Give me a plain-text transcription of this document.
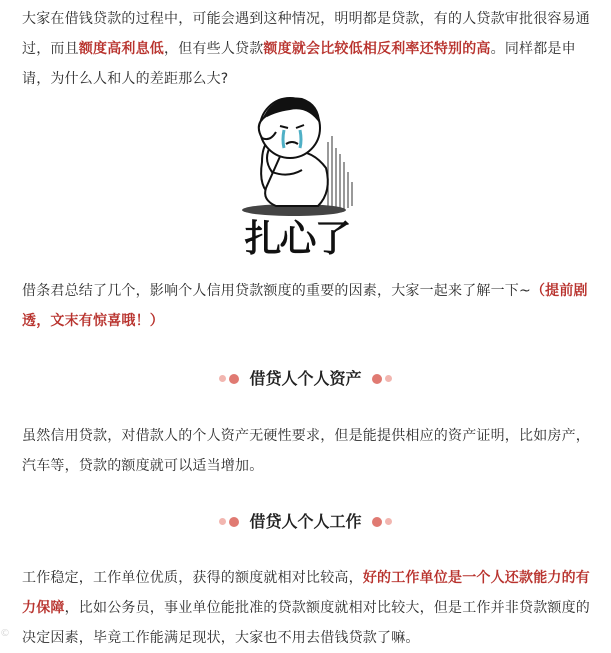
大家在借钱贷款的过程中，可能会遇到这种情况，明明都是贷款，有的人贷款审批很容易通过，而且额度高利息低，但有些人贷款额度就会比较低相反利率还特别的高。同样都是申请，为什么人和人的差距那么大?

扎心了

借条君总结了几个，影响个人信用贷款额度的重要的因素，大家一起来了解一下~（提前剧透，文末有惊喜哦！）

借贷人个人资产

虽然信用贷款，对借款人的个人资产无硬性要求，但是能提供相应的资产证明，比如房产，汽车等，贷款的额度就可以适当增加。

借贷人个人工作

工作稳定，工作单位优质，获得的额度就相对比较高，好的工作单位是一个人还款能力的有力保障，比如公务员，事业单位能批准的贷款额度就相对比较大，但是工作并非贷款额度的决定因素，毕竟工作能满足现状，大家也不用去借钱贷款了嘛。

©
